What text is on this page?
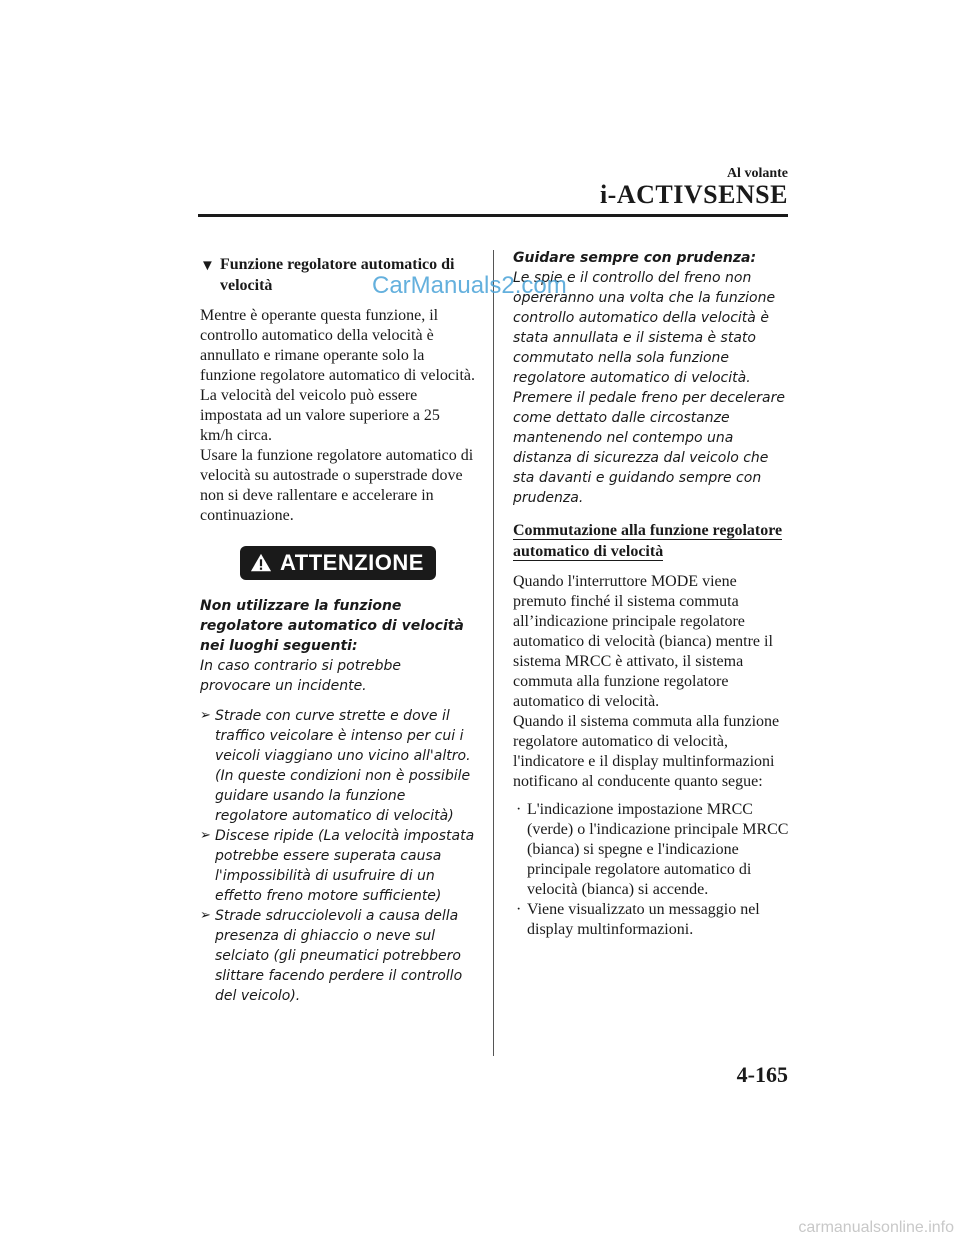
Al volante
i-ACTIVSENSE
▼ Funzione regolatore automatico di velocità

Mentre è operante questa funzione, il controllo automatico della velocità è annullato e rimane operante solo la funzione regolatore automatico di velocità.

La velocità del veicolo può essere impostata ad un valore superiore a 25 km/h circa.

Usare la funzione regolatore automatico di velocità su autostrade o superstrade dove non si deve rallentare e accelerare in continuazione.

ATTENZIONE

Non utilizzare la funzione regolatore automatico di velocità nei luoghi seguenti:

In caso contrario si potrebbe provocare un incidente.

➢ Strade con curve strette e dove il traffico veicolare è intenso per cui i veicoli viaggiano uno vicino all'altro. (In queste condizioni non è possibile guidare usando la funzione regolatore automatico di velocità)
➢ Discese ripide (La velocità impostata potrebbe essere superata causa l'impossibilità di usufruire di un effetto freno motore sufficiente)
➢ Strade sdrucciolevoli a causa della presenza di ghiaccio o neve sul selciato (gli pneumatici potrebbero slittare facendo perdere il controllo del veicolo).

Guidare sempre con prudenza:

Le spie e il controllo del freno non opereranno una volta che la funzione controllo automatico della velocità è stata annullata e il sistema è stato commutato nella sola funzione regolatore automatico di velocità. Premere il pedale freno per decelerare come dettato dalle circostanze mantenendo nel contempo una distanza di sicurezza dal veicolo che sta davanti e guidando sempre con prudenza.

Commutazione alla funzione regolatore automatico di velocità

Quando l'interruttore MODE viene premuto finché il sistema commuta all’indicazione principale regolatore automatico di velocità (bianca) mentre il sistema MRCC è attivato, il sistema commuta alla funzione regolatore automatico di velocità.

Quando il sistema commuta alla funzione regolatore automatico di velocità, l'indicatore e il display multinformazioni notificano al conducente quanto segue:

· L'indicazione impostazione MRCC (verde) o l'indicazione principale MRCC (bianca) si spegne e l'indicazione principale regolatore automatico di velocità (bianca) si accende.
· Viene visualizzato un messaggio nel display multinformazioni.
CarManuals2.com
4-165
carmanualsonline.info
